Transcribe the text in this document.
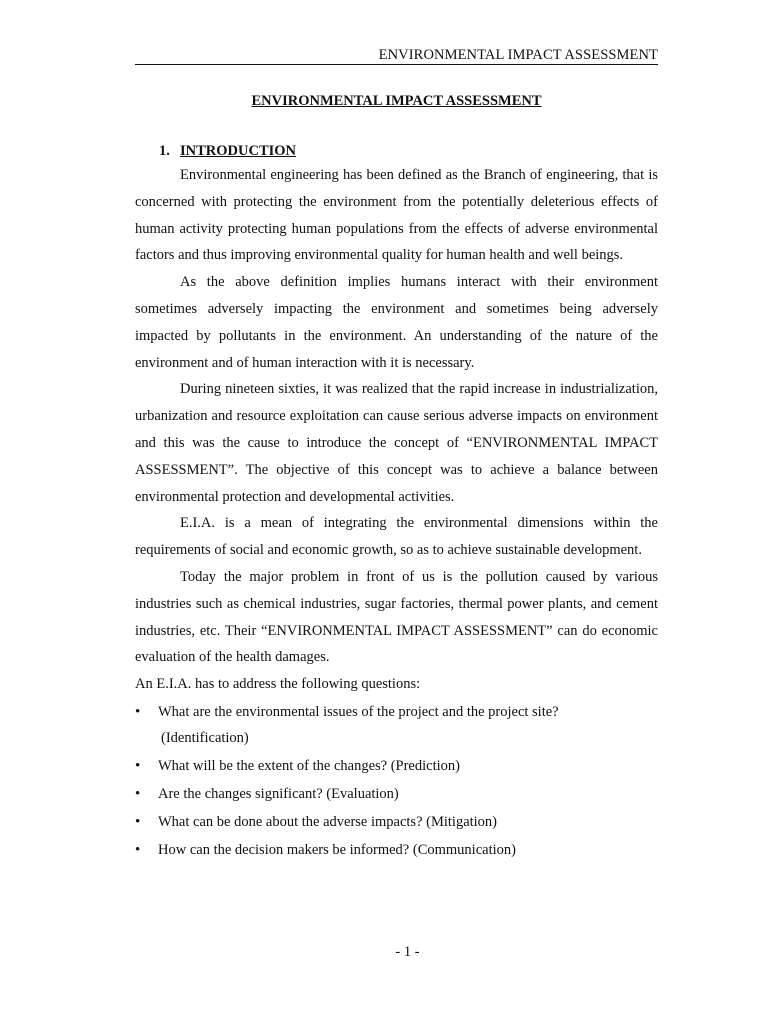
ENVIRONMENTAL IMPACT ASSESSMENT
ENVIRONMENTAL IMPACT ASSESSMENT
1. INTRODUCTION

Environmental engineering has been defined as the Branch of engineering, that is concerned with protecting the environment from the potentially deleterious effects of human activity protecting human populations from the effects of adverse environmental factors and thus improving environmental quality for human health and well beings.

As the above definition implies humans interact with their environment sometimes adversely impacting the environment and sometimes being adversely impacted by pollutants in the environment. An understanding of the nature of the environment and of human interaction with it is necessary.

During nineteen sixties, it was realized that the rapid increase in industrialization, urbanization and resource exploitation can cause serious adverse impacts on environment and this was the cause to introduce the concept of “ENVIRONMENTAL IMPACT ASSESSMENT”. The objective of this concept was to achieve a balance between environmental protection and developmental activities.

E.I.A. is a mean of integrating the environmental dimensions within the requirements of social and economic growth, so as to achieve sustainable development.

Today the major problem in front of us is the pollution caused by various industries such as chemical industries, sugar factories, thermal power plants, and cement industries, etc. Their “ENVIRONMENTAL IMPACT ASSESSMENT” can do economic evaluation of the health damages.

An E.I.A. has to address the following questions:

•	What are the environmental issues of the project and the project site?
(Identification)
•	What will be the extent of the changes? (Prediction)
•	Are the changes significant? (Evaluation)
•	What can be done about the adverse impacts? (Mitigation)
•	How can the decision makers be informed? (Communication)
- 1 -
